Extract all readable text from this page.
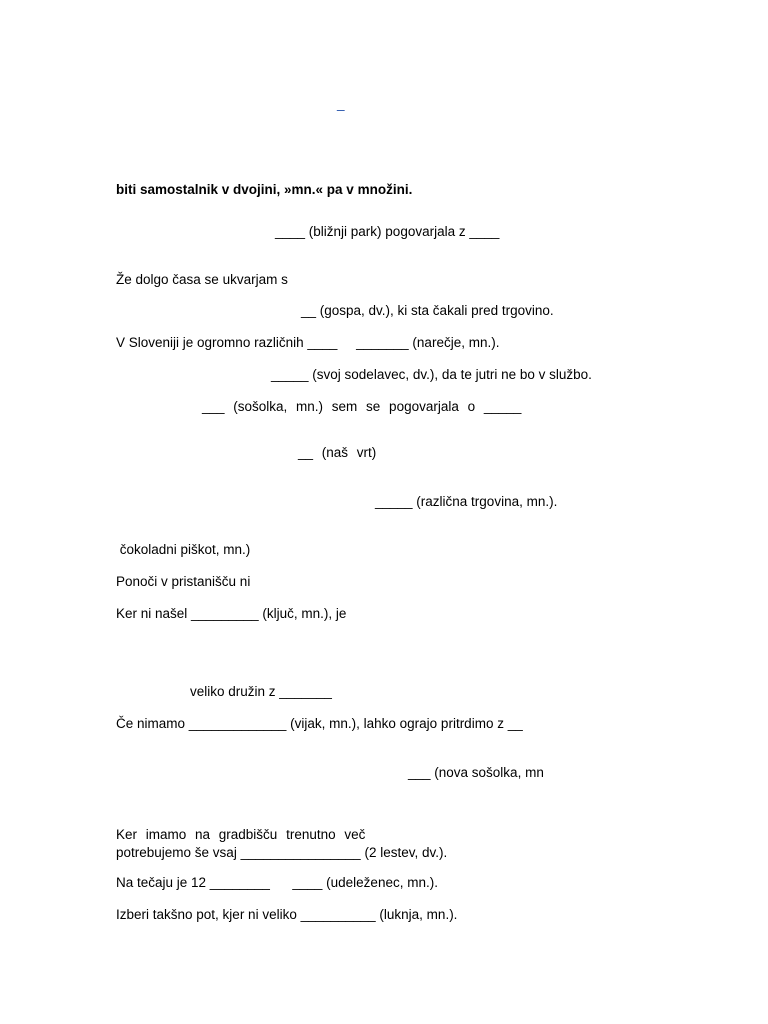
_
biti samostalnik v dvojini, »mn.« pa v množini.
____ (bližnji park) pogovarjala z ____
Že dolgo časa se ukvarjam s
__ (gospa, dv.), ki sta čakali pred trgovino.
V Sloveniji je ogromno različnih ____     _______ (narečje, mn.).
_____ (svoj sodelavec, dv.), da te jutri ne bo v službo.
___ (sošolka, mn.) sem se pogovarjala o _____
__ (naš vrt)
_____ (različna trgovina, mn.).
čokoladni piškot, mn.)
Ponoči v pristanišču ni
Ker ni našel _________ (ključ, mn.), je
veliko družin z _______
Če nimamo _____________ (vijak, mn.), lahko ograjo pritrdimo z __
___ (nova sošolka, mn
Ker imamo na gradbišču trenutno več
potrebujemo še vsaj ________________ (2 lestev, dv.).
Na tečaju je 12 ________      ____ (udeleženec, mn.).
Izberi takšno pot, kjer ni veliko __________ (luknja, mn.).
